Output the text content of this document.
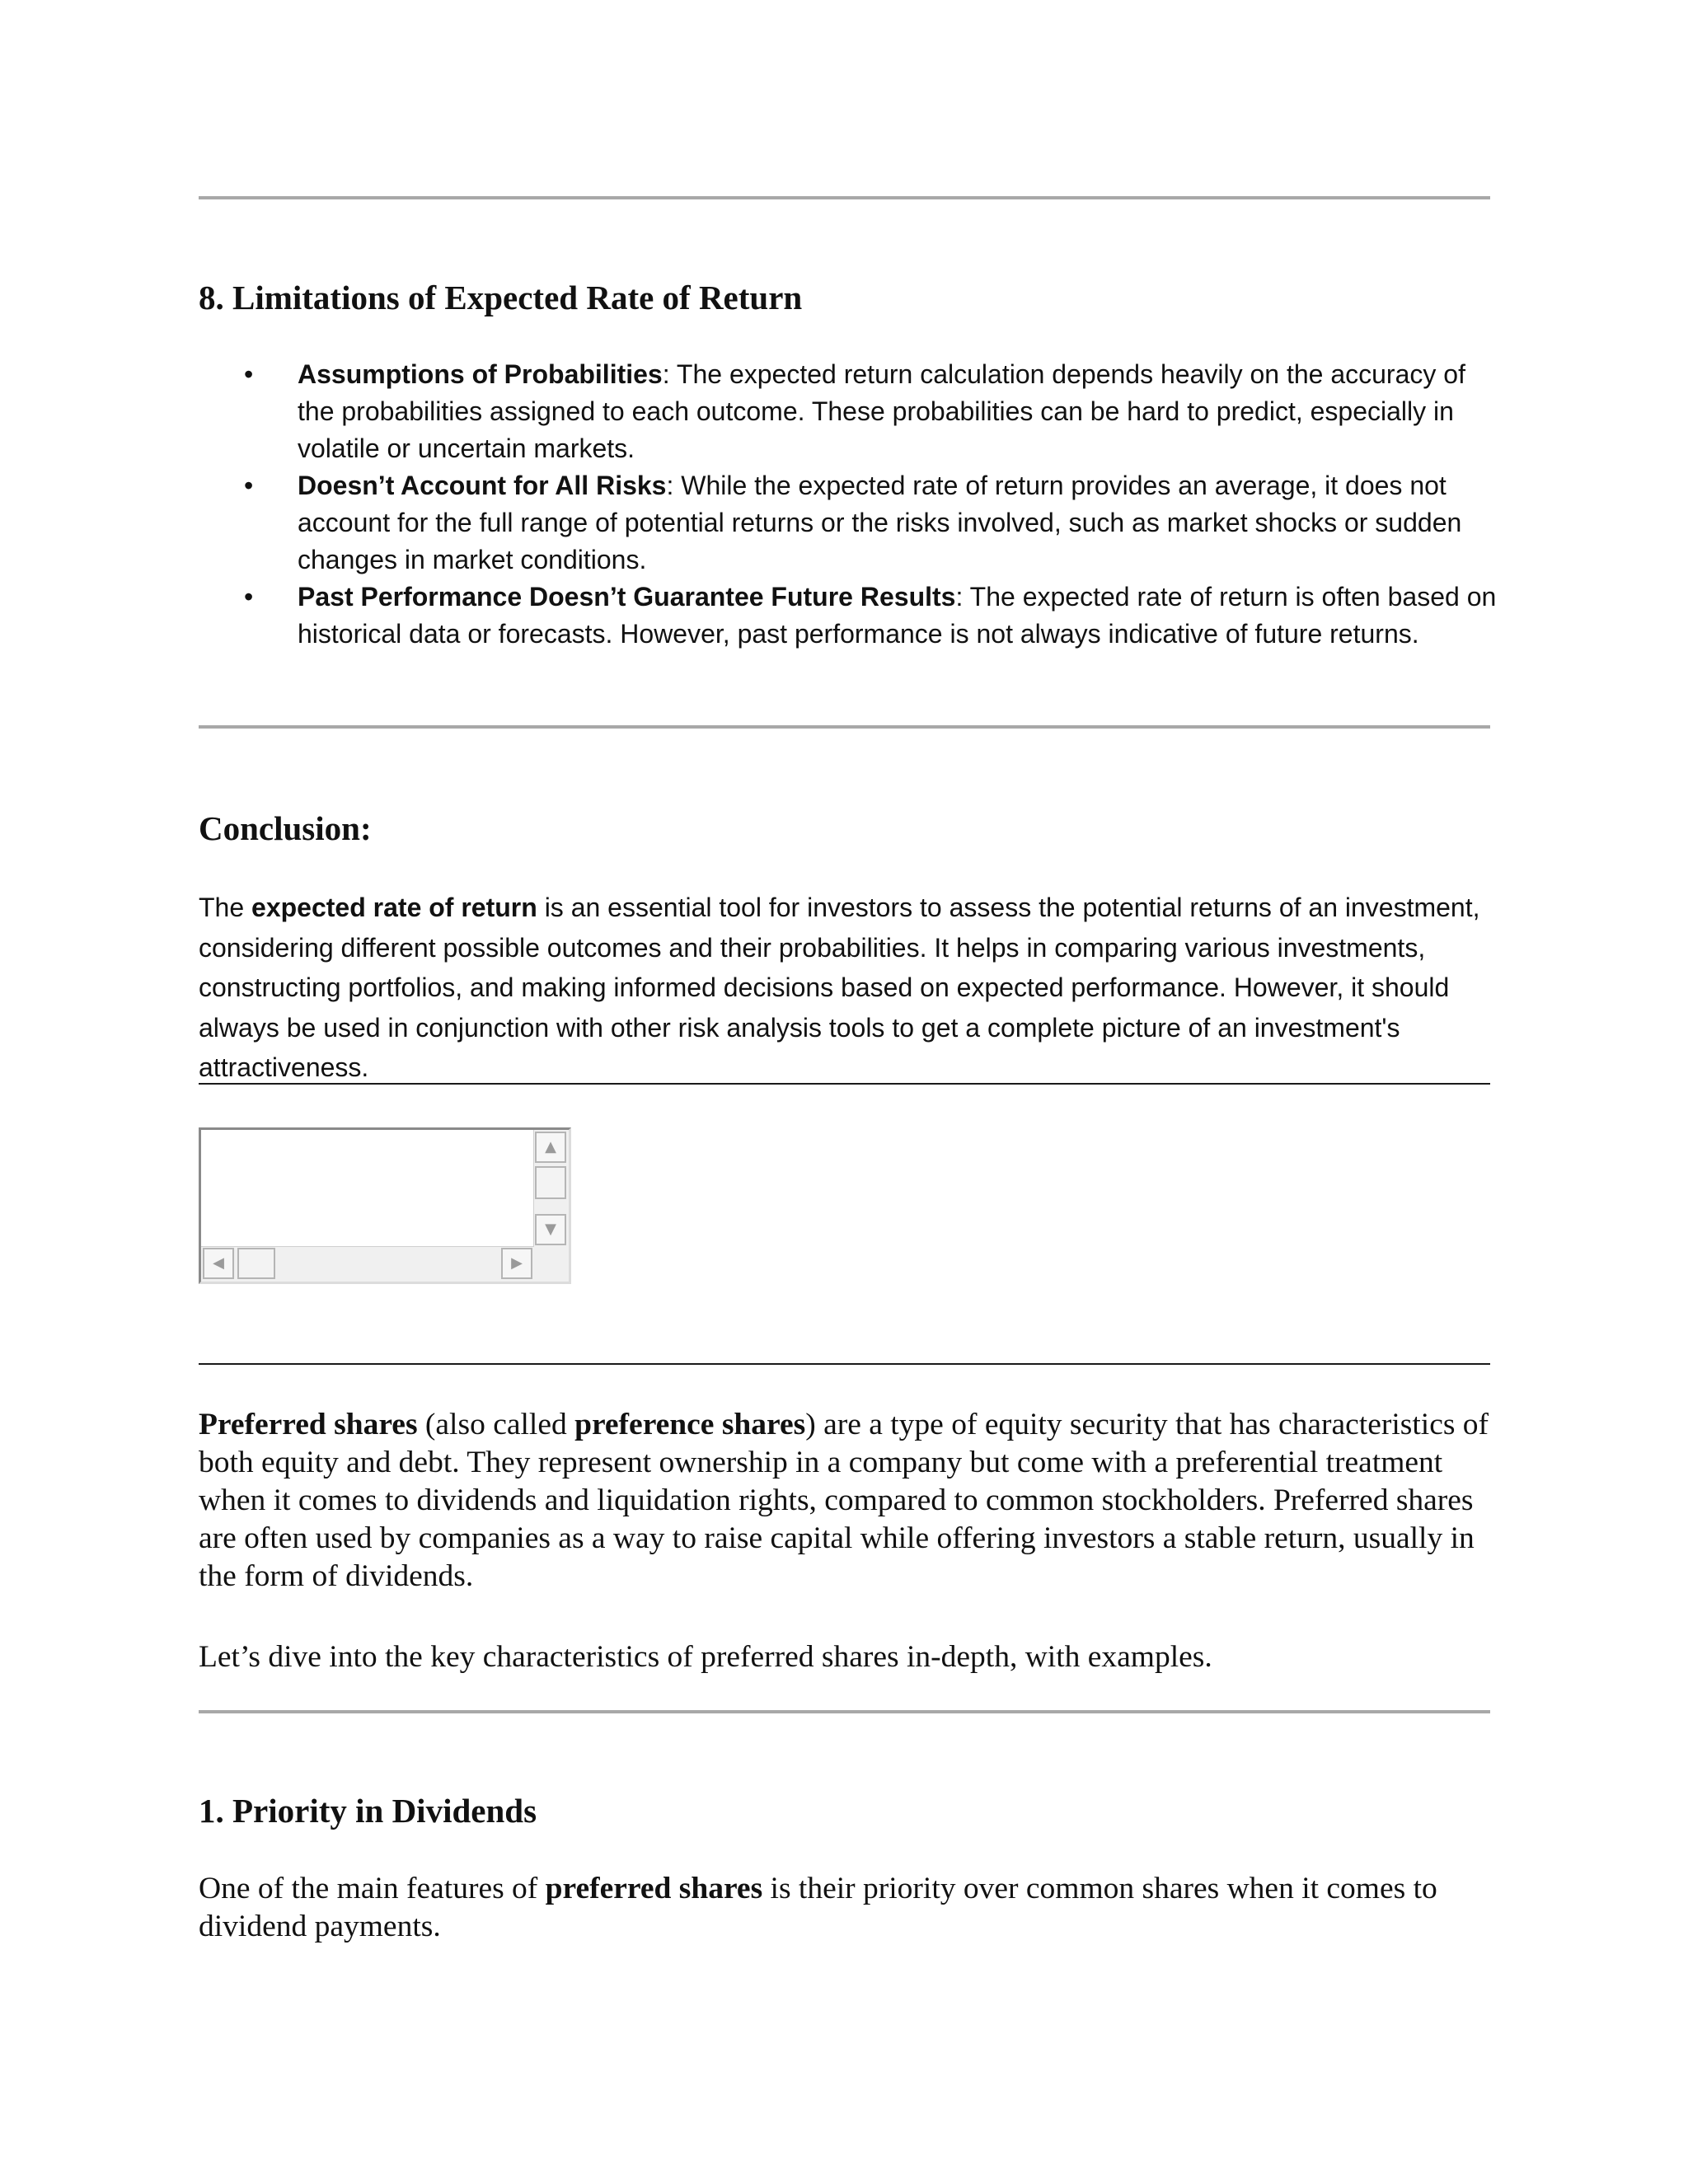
8. Limitations of Expected Rate of Return
• Assumptions of Probabilities: The expected return calculation depends heavily on the accuracy of the probabilities assigned to each outcome. These probabilities can be hard to predict, especially in volatile or uncertain markets.
• Doesn’t Account for All Risks: While the expected rate of return provides an average, it does not account for the full range of potential returns or the risks involved, such as market shocks or sudden changes in market conditions.
• Past Performance Doesn’t Guarantee Future Results: The expected rate of return is often based on historical data or forecasts. However, past performance is not always indicative of future returns.
Conclusion:

The expected rate of return is an essential tool for investors to assess the potential returns of an investment, considering different possible outcomes and their probabilities. It helps in comparing various investments, constructing portfolios, and making informed decisions based on expected performance. However, it should always be used in conjunction with other risk analysis tools to get a complete picture of an investment's attractiveness.

▲
▼
◀	▶

Preferred shares (also called preference shares) are a type of equity security that has characteristics of both equity and debt. They represent ownership in a company but come with a preferential treatment when it comes to dividends and liquidation rights, compared to common stockholders. Preferred shares are often used by companies as a way to raise capital while offering investors a stable return, usually in the form of dividends.

Let’s dive into the key characteristics of preferred shares in-depth, with examples.

1. Priority in Dividends

One of the main features of preferred shares is their priority over common shares when it comes to dividend payments.
